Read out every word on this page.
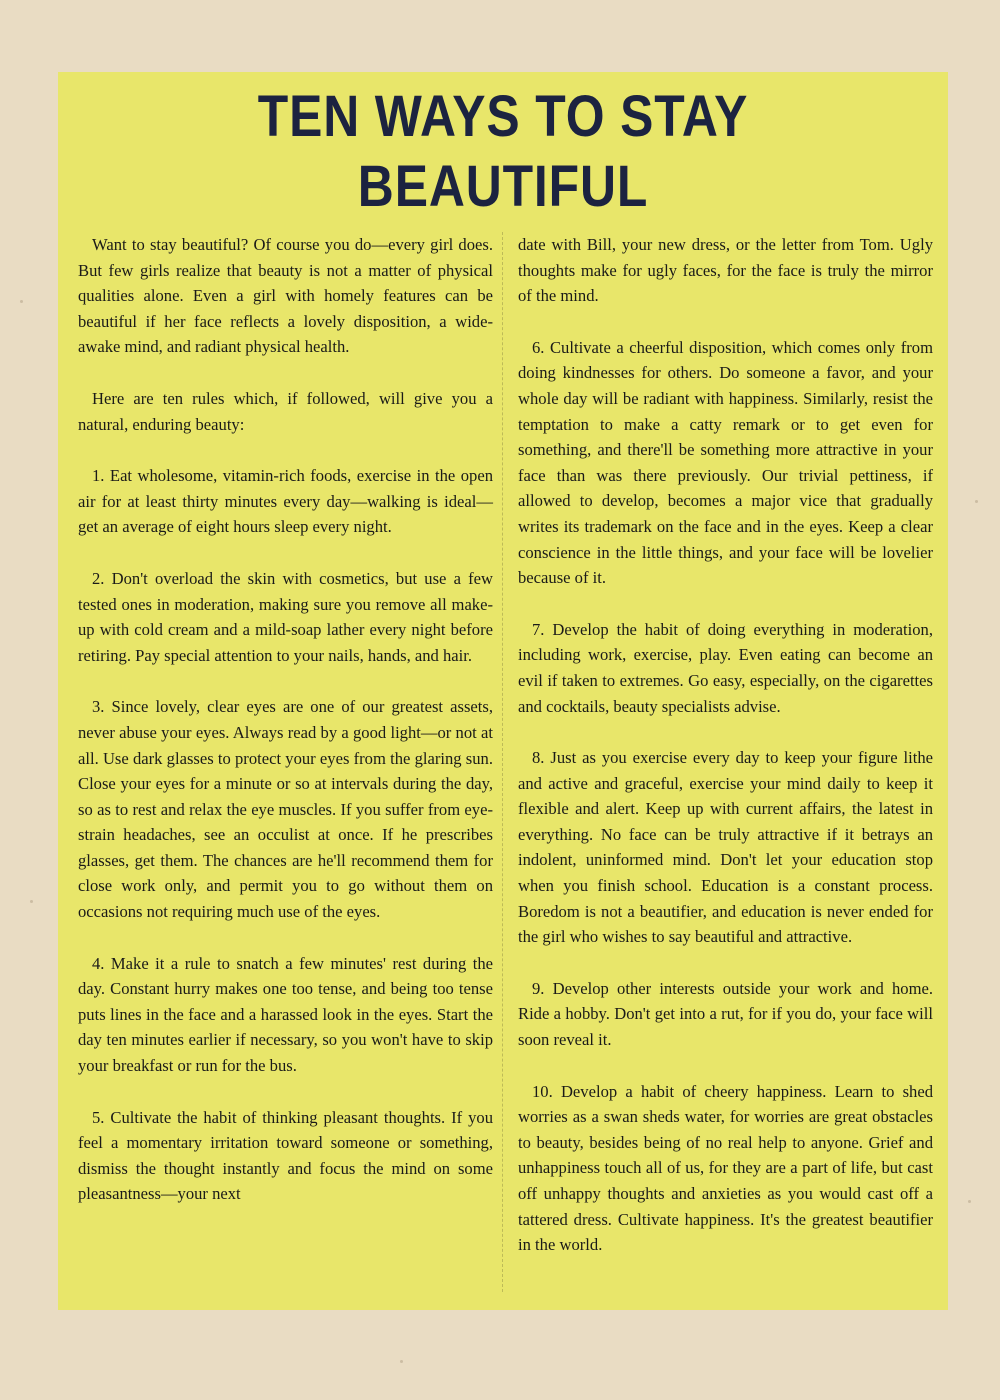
TEN WAYS TO STAY BEAUTIFUL

Want to stay beautiful? Of course you do—every girl does. But few girls realize that beauty is not a matter of physical qualities alone. Even a girl with homely features can be beautiful if her face reflects a lovely disposition, a wide-awake mind, and radiant physical health.

Here are ten rules which, if followed, will give you a natural, enduring beauty:

1. Eat wholesome, vitamin-rich foods, exercise in the open air for at least thirty minutes every day—walking is ideal—get an average of eight hours sleep every night.

2. Don't overload the skin with cosmetics, but use a few tested ones in moderation, making sure you remove all make-up with cold cream and a mild-soap lather every night before retiring. Pay special attention to your nails, hands, and hair.

3. Since lovely, clear eyes are one of our greatest assets, never abuse your eyes. Always read by a good light—or not at all. Use dark glasses to protect your eyes from the glaring sun. Close your eyes for a minute or so at intervals during the day, so as to rest and relax the eye muscles. If you suffer from eye-strain headaches, see an occulist at once. If he prescribes glasses, get them. The chances are he'll recommend them for close work only, and permit you to go without them on occasions not requiring much use of the eyes.

4. Make it a rule to snatch a few minutes' rest during the day. Constant hurry makes one too tense, and being too tense puts lines in the face and a harassed look in the eyes. Start the day ten minutes earlier if necessary, so you won't have to skip your breakfast or run for the bus.

5. Cultivate the habit of thinking pleasant thoughts. If you feel a momentary irritation toward someone or something, dismiss the thought instantly and focus the mind on some pleasantness—your next

date with Bill, your new dress, or the letter from Tom. Ugly thoughts make for ugly faces, for the face is truly the mirror of the mind.

6. Cultivate a cheerful disposition, which comes only from doing kindnesses for others. Do someone a favor, and your whole day will be radiant with happiness. Similarly, resist the temptation to make a catty remark or to get even for something, and there'll be something more attractive in your face than was there previously. Our trivial pettiness, if allowed to develop, becomes a major vice that gradually writes its trademark on the face and in the eyes. Keep a clear conscience in the little things, and your face will be lovelier because of it.

7. Develop the habit of doing everything in moderation, including work, exercise, play. Even eating can become an evil if taken to extremes. Go easy, especially, on the cigarettes and cocktails, beauty specialists advise.

8. Just as you exercise every day to keep your figure lithe and active and graceful, exercise your mind daily to keep it flexible and alert. Keep up with current affairs, the latest in everything. No face can be truly attractive if it betrays an indolent, uninformed mind. Don't let your education stop when you finish school. Education is a constant process. Boredom is not a beautifier, and education is never ended for the girl who wishes to say beautiful and attractive.

9. Develop other interests outside your work and home. Ride a hobby. Don't get into a rut, for if you do, your face will soon reveal it.

10. Develop a habit of cheery happiness. Learn to shed worries as a swan sheds water, for worries are great obstacles to beauty, besides being of no real help to anyone. Grief and unhappiness touch all of us, for they are a part of life, but cast off unhappy thoughts and anxieties as you would cast off a tattered dress. Cultivate happiness. It's the greatest beautifier in the world.
